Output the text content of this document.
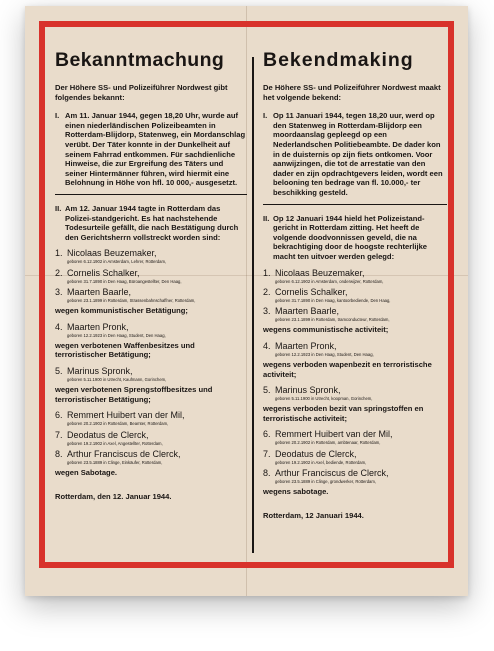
Bekanntmachung
Der Höhere SS- und Polizeiführer Nordwest gibt folgendes bekannt:
I. Am 11. Januar 1944, gegen 18,20 Uhr, wurde auf einen niederländischen Polizeibeamten in Rotterdam-Blijdorp, Statenweg, ein Mordanschlag verübt. Der Täter konnte in der Dunkelheit auf seinem Fahrrad entkommen. Für sachdienliche Hinweise, die zur Ergreifung des Täters und seiner Hintermänner führen, wird hiermit eine Belohnung in Höhe von hfl. 10 000,- ausgesetzt.
II. Am 12. Januar 1944 tagte in Rotterdam das Polizei-standgericht. Es hat nachstehende Todesurteile gefällt, die nach Bestätigung durch den Gerichtsherrn vollstreckt worden sind:
1. Nicolaas Beuzemaker,
geboren 6.12.1902 in Amsterdam, Lehrer, Rotterdam,
2. Cornelis Schalker,
geboren 31.7.1890 in Den Haag, Büroangestellter, Den Haag,
3. Maarten Baarle,
geboren 23.1.1899 in Rotterdam, Strassenbahnschaffner, Rotterdam,
wegen kommunistischer Betätigung;
4. Maarten Pronk,
geboren 12.2.1923 in Den Haag, Student, Den Haag,
wegen verbotenen Waffenbesitzes und terroristischer Betätigung;
5. Marinus Spronk,
geboren 5.11.1900 in Utrecht, Kaufmann, Gorinchem,
wegen verbotenen Sprengstoffbesitzes und terroristischer Betätigung;
6. Remmert Huibert van der Mil,
geboren 20.2.1902 in Rotterdam, Beamter, Rotterdam,
7. Deodatus de Clerck,
geboren 19.2.1902 in Axel, Angestellter, Rotterdam,
8. Arthur Franciscus de Clerck,
geboren 23.5.1889 in Clinge, Einkäufer, Rotterdam,
wegen Sabotage.
Rotterdam, den 12. Januar 1944.
Bekendmaking
De Höhere SS- und Polizeiführer Nordwest maakt het volgende bekend:
I. Op 11 Januari 1944, tegen 18,20 uur, werd op den Statenweg in Rotterdam-Blijdorp een moordaanslag gepleegd op een Nederlandschen Politiebeambte. De dader kon in de duisternis op zijn fiets ontkomen. Voor aanwijzingen, die tot de arrestatie van den dader en zijn opdrachtgevers leiden, wordt een belooning ten bedrage van fl. 10.000,- ter beschikking gesteld.
II. Op 12 Januari 1944 hield het Polizeistand-gericht in Rotterdam zitting. Het heeft de volgende doodvonnissen geveld, die na bekrachtiging door de hoogste rechterlijke macht ten uitvoer werden gelegd:
1. Nicolaas Beuzemaker,
geboren 6.12.1902 in Amsterdam, onderwijzer, Rotterdam,
2. Cornelis Schalker,
geboren 31.7.1890 in Den Haag, kantoorbediende, Den Haag,
3. Maarten Baarle,
geboren 23.1.1899 in Rotterdam, tramconducteur, Rotterdam,
wegens communistische activiteit;
4. Maarten Pronk,
geboren 12.2.1923 in Den Haag, Student, Den Haag,
wegens verboden wapenbezit en terroristische activiteit;
5. Marinus Spronk,
geboren 5.11.1900 in Utrecht, koopman, Gorinchem,
wegens verboden bezit van springstoffen en terroristische activiteit;
6. Remmert Huibert van der Mil,
geboren 20.2.1902 in Rotterdam, ambtenaar, Rotterdam,
7. Deodatus de Clerck,
geboren 19.2.1902 in Axel, bediende, Rotterdam,
8. Arthur Franciscus de Clerck,
geboren 23.5.1889 in Clinge, grondwerker, Rotterdam,
wegens sabotage.
Rotterdam, 12 Januari 1944.
